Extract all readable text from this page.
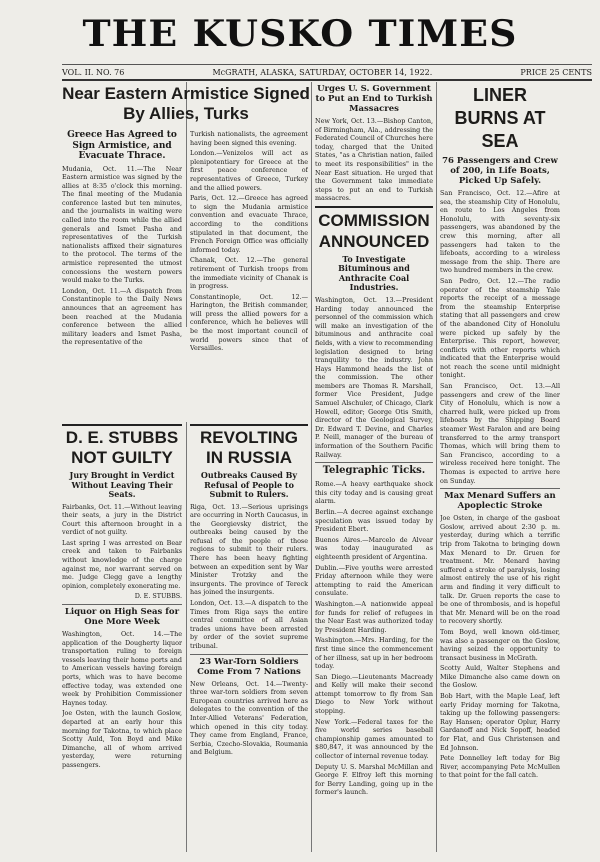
THE KUSKO TIMES
VOL. II. NO. 76	McGRATH, ALASKA, SATURDAY, OCTOBER 14, 1922.	PRICE 25 CENTS
Near Eastern Armistice Signed By Allies, Turks
Greece Has Agreed to Sign Armistice, and Evacuate Thrace.

Mudania, Oct. 11.—The Near Eastern armistice was signed by the allies at 8:35 o'clock this morning. The final meeting of the Mudania conference lasted but ten minutes, and the journalists in waiting were called into the room while the allied generals and Ismet Pasha and representatives of the Turkish nationalists affixed their signatures to the protocol. The terms of the armistice represented the utmost concessions the western powers would make to the Turks.

London, Oct. 11.—A dispatch from Constantinople to the Daily News announces that an agreement has been reached at the Mudania conference between the allied military leaders and Ismet Pasha, the representative of the

Turkish nationalists, the agreement having been signed this evening.

London.—Venizelos will act as plenipotentiary for Greece at the first peace conference of representatives of Greece, Turkey and the allied powers.

Paris, Oct. 12.—Greece has agreed to sign the Mudania armistice convention and evacuate Thrace, according to the conditions stipulated in that document, the French Foreign Office was officially informed today.

Chanak, Oct. 12.—The general retirement of Turkish troops from the immediate vicinity of Chanak is in progress.

Constantinople, Oct. 12.—Harington, the British commander, will press the allied powers for a conference, which he believes will be the most important council of world powers since that of Versailles.

D. E. STUBBS NOT GUILTY
Jury Brought in Verdict Without Leaving Their Seats.

Fairbanks, Oct. 11.—Without leaving their seats, a jury in the District Court this afternoon brought in a verdict of not guilty.

Last spring I was arrested on Bear creek and taken to Fairbanks without knowledge of the charge against me, nor warrant served on me. Judge Clegg gave a lengthy opinion, completely exonerating me.

D. E. STUBBS.

Liquor on High Seas for One More Week

Washington, Oct. 14.—The application of the Dougherty liquor transportation ruling to foreign vessels leaving their home ports and to American vessels having foreign ports, which was to have become effective today, was extended one week by Prohibition Commissioner Haynes today.

Joe Osten, with the launch Goslow, departed at an early hour this morning for Takotna, to which place Scotty Auld, Ton Boyd and Mike Dimanche, all of whom arrived yesterday, were returning passengers.

REVOLTING IN RUSSIA
Outbreaks Caused By Refusal of People to Submit to Rulers.

Riga, Oct. 13.—Serious uprisings are occurring in North Caucasus, in the Georgievsky district, the outbreaks being caused by the refusal of the people of those regions to submit to their rulers. There has been heavy fighting between an expedition sent by War Minister Trotzky and the insurgents. The province of Tereck has joined the insurgents.

London, Oct. 13.—A dispatch to the Times from Riga says the entire central committee of all Asian trades unions have been arrested by order of the soviet supreme tribunal.

23 War-Torn Soldiers Come From 7 Nations

New Orleans, Oct. 14.—Twenty-three war-torn soldiers from seven European countries arrived here as delegates to the convention of the Inter-Allied Veterans' Federation, which opened in this city today. They came from England, France, Serbia, Czecho-Slovakia, Roumania and Belgium.

Urges U. S. Government to Put an End to Turkish Massacres

New York, Oct. 13.—Bishop Canton, of Birmingham, Ala., addressing the Federated Council of Churches here today, charged that the United States, "as a Christian nation, failed to meet its responsibilities" in the Near East situation. He urged that the Government take immediate steps to put an end to Turkish massacres.

COMMISSION ANNOUNCED
To Investigate Bituminous and Anthracite Coal Industries.

Washington, Oct. 13.—President Harding today announced the personnel of the commission which will make an investigation of the bituminous and anthracite coal fields, with a view to recommending legislation designed to bring tranquility to the industry. John Hays Hammond heads the list of the commission. The other members are Thomas R. Marshall, former Vice President, Judge Samuel Alschuler, of Chicago, Clark Howell, editor; George Otis Smith, director of the Geological Survey, Dr. Edward T. Devine, and Charles P. Neill, manager of the bureau of information of the Southern Pacific Railway.

Telegraphic Ticks.

Rome.—A heavy earthquake shock this city today and is causing great alarm.

Berlin.—A decree against exchange speculation was issued today by President Ebert.

Buenos Aires.—Marcelo de Alvear was today inaugurated as eighteenth president of Argentina.

Dublin.—Five youths were arrested Friday afternoon while they were attempting to raid the American consulate.

Washington.—A nationwide appeal for funds for relief of refugees in the Near East was authorized today by President Harding.

Washington.—Mrs. Harding, for the first time since the commencement of her illness, sat up in her bedroom today.

San Diego.—Lieutenants Macready and Kelly will make their second attempt tomorrow to fly from San Diego to New York without stopping.

New York.—Federal taxes for the five world series baseball championship games amounted to $80,847, it was announced by the collector of internal revenue today.

Deputy U. S. Marshal McMillan and George F. Elfroy left this morning for Berry Landing, going up in the former's launch.

LINER BURNS AT SEA
76 Passengers and Crew of 200, in Life Boats, Picked Up Safely.

San Francisco, Oct. 12.—Afire at sea, the steamship City of Honolulu, en route to Los Angeles from Honolulu, with seventy-six passengers, was abandoned by the crew this morning, after all passengers had taken to the lifeboats, according to a wireless message from the ship. There are two hundred members in the crew.

San Pedro, Oct. 12.—The radio operator of the steamship Yale reports the receipt of a message from the steamship Enterprise stating that all passengers and crew of the abandoned City of Honolulu were picked up safely by the Enterprise. This report, however, conflicts with other reports which indicated that the Enterprise would not reach the scene until midnight tonight.

San Francisco, Oct. 13.—All passengers and crew of the liner City of Honolulu, which is now a charred hulk, were picked up from lifeboats by the Shipping Board steamer West Faralon and are being transferred to the army transport Thomas, which will bring them to San Francisco, according to a wireless received here tonight. The Thomas is expected to arrive here on Sunday.

Max Menard Suffers an Apoplectic Stroke

Joe Osten, in charge of the gasboat Goslow, arrived about 2:30 p. m. yesterday, during which a terrific trip from Takotna to bringing down Max Menard to Dr. Gruen for treatment. Mr. Menard having suffered a stroke of paralysis, losing almost entirely the use of his right arm and finding it very difficult to talk. Dr. Gruen reports the case to be one of thrombosis, and is hopeful that Mr. Menard will be on the road to recovery shortly.

Tom Boyd, well known old-timer, was also a passenger on the Goslow, having seized the opportunity to transact business in McGrath.

Scotty Auld, Walter Stephens and Mike Dimanche also came down on the Goslow.

Bob Hart, with the Maple Leaf, left early Friday morning for Takotna, taking up the following passengers: Ray Hansen; operator Oplur, Harry Gardanoff and Nick Sopoff, headed for Flat, and Gus Christensen and Ed Johnson.

Pete Donnelley left today for Big River, accompanying Pete McMullen to that point for the fall catch.
